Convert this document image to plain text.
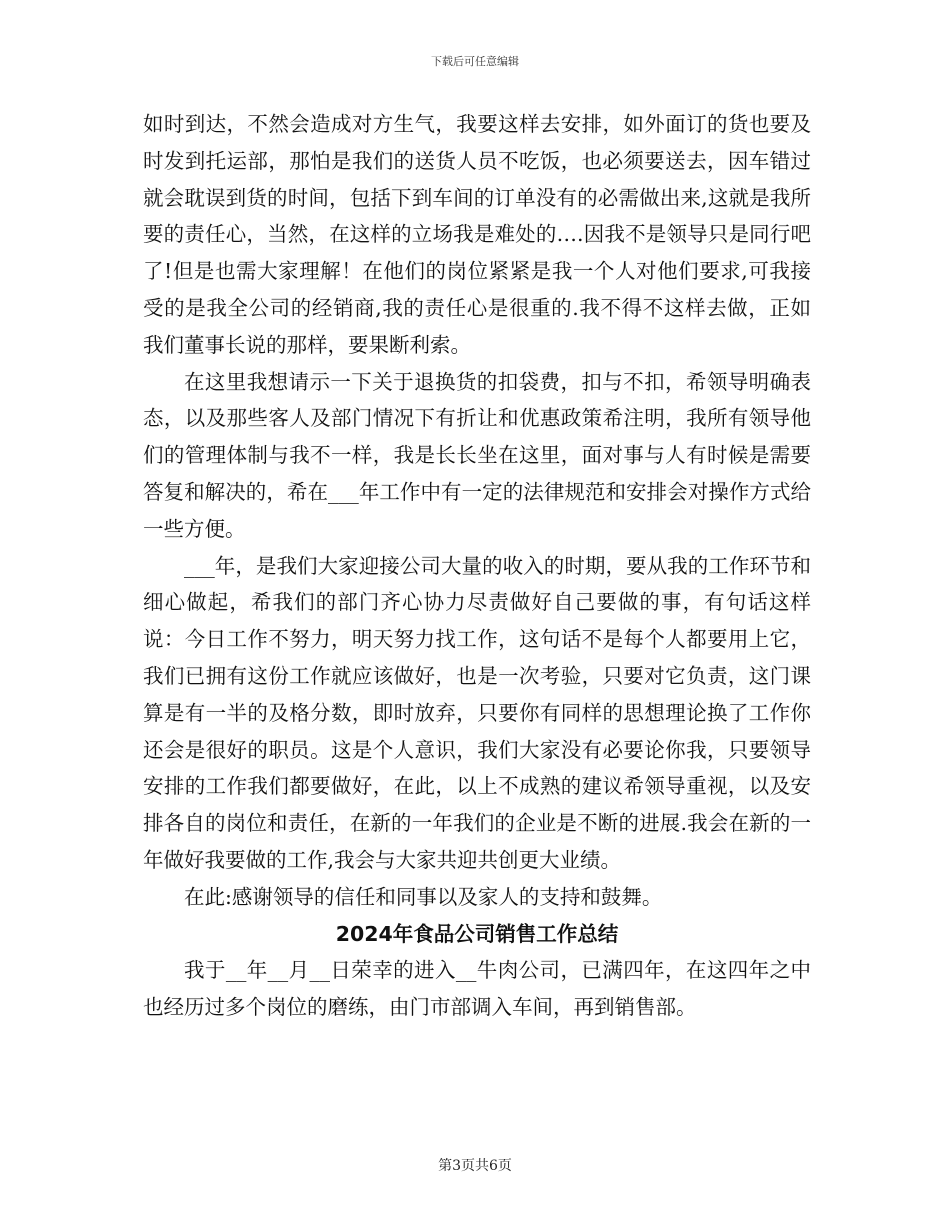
下载后可任意编辑

如时到达，不然会造成对方生气，我要这样去安排，如外面订的货也要及时发到托运部，那怕是我们的送货人员不吃饭，也必须要送去，因车错过就会耽误到货的时间，包括下到车间的订单没有的必需做出来,这就是我所要的责任心，当然，在这样的立场我是难处的….因我不是领导只是同行吧了!但是也需大家理解！在他们的岗位紧紧是我一个人对他们要求,可我接受的是我全公司的经销商,我的责任心是很重的.我不得不这样去做，正如我们董事长说的那样，要果断利索。

在这里我想请示一下关于退换货的扣袋费，扣与不扣，希领导明确表态，以及那些客人及部门情况下有折让和优惠政策希注明，我所有领导他们的管理体制与我不一样，我是长长坐在这里，面对事与人有时候是需要答复和解决的，希在___年工作中有一定的法律规范和安排会对操作方式给一些方便。

___年，是我们大家迎接公司大量的收入的时期，要从我的工作环节和细心做起，希我们的部门齐心协力尽责做好自己要做的事，有句话这样说：今日工作不努力，明天努力找工作，这句话不是每个人都要用上它，我们已拥有这份工作就应该做好，也是一次考验，只要对它负责，这门课算是有一半的及格分数，即时放弃，只要你有同样的思想理论换了工作你还会是很好的职员。这是个人意识，我们大家没有必要论你我，只要领导安排的工作我们都要做好，在此，以上不成熟的建议希领导重视，以及安排各自的岗位和责任，在新的一年我们的企业是不断的进展.我会在新的一年做好我要做的工作,我会与大家共迎共创更大业绩。

在此:感谢领导的信任和同事以及家人的支持和鼓舞。

2024年食品公司销售工作总结

我于__年__月__日荣幸的进入__牛肉公司，已满四年，在这四年之中也经历过多个岗位的磨练，由门市部调入车间，再到销售部。

第3页共6页
